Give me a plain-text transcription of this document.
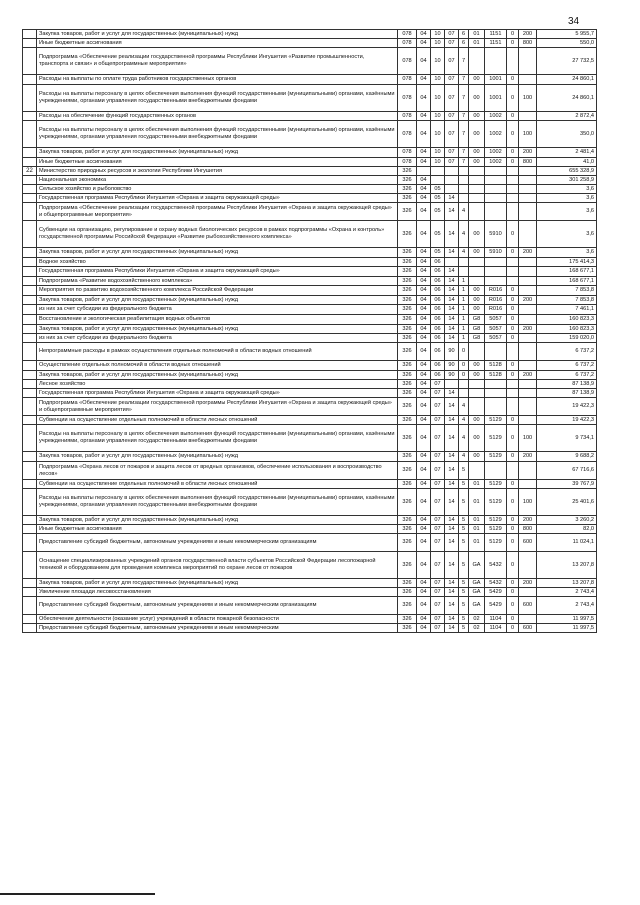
34
	Закупка товаров, работ и услуг для государственных (муниципальных) нужд	078	04	10	07	6	01	1151	0	200	5 955,7
	Иные бюджетные ассигнования	078	04	10	07	6	01	1151	0	800	550,0
	Подпрограмма «Обеспечение реализации государственной программы Республики Ингушетия «Развитие промышленности, транспорта и связи» и общепрограммные мероприятия»	078	04	10	07	7					27 732,5
	Расходы на выплаты по оплате труда работников государственных органов	078	04	10	07	7	00	1001	0		24 860,1
	Расходы на выплаты персоналу в целях обеспечения выполнения функций государственными (муниципальными) органами, казёнными учреждениями, органами управления государственными внебюджетными фондами	078	04	10	07	7	00	1001	0	100	24 860,1
	Расходы на обеспечение функций государственных органов	078	04	10	07	7	00	1002	0		2 872,4
	Расходы на выплаты персоналу в целях обеспечения выполнения функций государственными (муниципальными) органами, казёнными учреждениями, органами управления государственными внебюджетными фондами	078	04	10	07	7	00	1002	0	100	350,0
	Закупка товаров, работ и услуг для государственных (муниципальных) нужд	078	04	10	07	7	00	1002	0	200	2 481,4
	Иные бюджетные ассигнования	078	04	10	07	7	00	1002	0	800	41,0
22	Министерство природных ресурсов и экологии Республики Ингушетия	326									655 328,9
	Национальная экономика	326	04								301 258,9
	Сельское хозяйство и рыболовство	326	04	05							3,6
	Государственная программа Республики Ингушетия «Охрана и защита окружающей среды»	326	04	05	14						3,6
	Подпрограмма «Обеспечение реализации государственной программы Республики Ингушетия «Охрана и защита окружающей среды» и общепрограммные мероприятия»	326	04	05	14	4					3,6
	Субвенции на организацию, регулирование и охрану водных биологических ресурсов в рамках подпрограммы «Охрана и контроль» государственной программы Российской Федерации «Развитие рыбохозяйственного комплекса»	326	04	05	14	4	00	5910	0		3,6
	Закупка товаров, работ и услуг для государственных (муниципальных) нужд	326	04	05	14	4	00	5910	0	200	3,6
	Водное хозяйство	326	04	06							175 414,3
	Государственная программа Республики Ингушетия «Охрана и защита окружающей среды»	326	04	06	14						168 677,1
	Подпрограмма «Развитие водохозяйственного комплекса»	326	04	06	14	1					168 677,1
	Мероприятия по развитию водохозяйственного комплекса Российской Федерации	326	04	06	14	1	00	R016	0		7 853,8
	Закупка товаров, работ и услуг для государственных (муниципальных) нужд	326	04	06	14	1	00	R016	0	200	7 853,8
	из них за счет субсидии из федерального бюджета	326	04	06	14	1	00	R016	0		7 461,1
	Восстановление и экологическая реабилитация водных объектов	326	04	06	14	1	G8	5057	0		160 823,3
	Закупка товаров, работ и услуг для государственных (муниципальных) нужд	326	04	06	14	1	G8	5057	0	200	160 823,3
	из них за счет субсидии из федерального бюджета	326	04	06	14	1	G8	5057	0		159 020,0
	Непрограммные расходы в рамках осуществления отдельных полномочий в области водных отношений	326	04	06	90	0					6 737,2
	Осуществление отдельных полномочий в области водных отношений	326	04	06	90	0	00	5128	0		6 737,2
	Закупка товаров, работ и услуг для государственных (муниципальных) нужд	326	04	06	90	0	00	5128	0	200	6 737,2
	Лесное хозяйство	326	04	07							87 138,9
	Государственная программа Республики Ингушетия «Охрана и защита окружающей среды»	326	04	07	14						87 138,9
	Подпрограмма «Обеспечение реализации государственной программы Республики Ингушетия «Охрана и защита окружающей среды» и общепрограммные мероприятия»	326	04	07	14	4					19 422,3
	Субвенции на осуществление отдельных полномочий в области лесных отношений	326	04	07	14	4	00	5129	0		19 422,3
	Расходы на выплаты персоналу в целях обеспечения выполнения функций государственными (муниципальными) органами, казёнными учреждениями, органами управления государственными внебюджетными фондами	326	04	07	14	4	00	5129	0	100	9 734,1
	Закупка товаров, работ и услуг для государственных (муниципальных) нужд	326	04	07	14	4	00	5129	0	200	9 688,2
	Подпрограмма «Охрана лесов от пожаров и защита лесов от вредных организмов, обеспечение использования и воспроизводство лесов»	326	04	07	14	5					67 716,6
	Субвенции на осуществление отдельных полномочий в области лесных отношений	326	04	07	14	5	01	5129	0		39 767,9
	Расходы на выплаты персоналу в целях обеспечения выполнения функций государственными (муниципальными) органами, казёнными учреждениями, органами управления государственными внебюджетными фондами	326	04	07	14	5	01	5129	0	100	25 401,6
	Закупка товаров, работ и услуг для государственных (муниципальных) нужд	326	04	07	14	5	01	5129	0	200	3 260,2
	Иные бюджетные ассигнования	326	04	07	14	5	01	5129	0	800	82,0
	Предоставление субсидий бюджетным, автономным учреждениям и иным некоммерческим организациям	326	04	07	14	5	01	5129	0	600	11 024,1
	Оснащение специализированных учреждений органов государственной власти субъектов Российской Федерации лесопожарной техникой и оборудованием для проведения комплекса мероприятий по охране лесов от пожаров	326	04	07	14	5	GA	5432	0		13 207,8
	Закупка товаров, работ и услуг для государственных (муниципальных) нужд	326	04	07	14	5	GA	5432	0	200	13 207,8
	Увеличение площади лесовосстановления	326	04	07	14	5	GA	5429	0		2 743,4
	Предоставление субсидий бюджетным, автономным учреждениям и иным некоммерческим организациям	326	04	07	14	5	GA	5429	0	600	2 743,4
	Обеспечение деятельности (оказание услуг) учреждений в области пожарной безопасности	326	04	07	14	5	02	1104	0		11 997,5
	Предоставление субсидий бюджетным, автономным учреждениям и иным некоммерческим	326	04	07	14	5	02	1104	0	600	11 997,5
